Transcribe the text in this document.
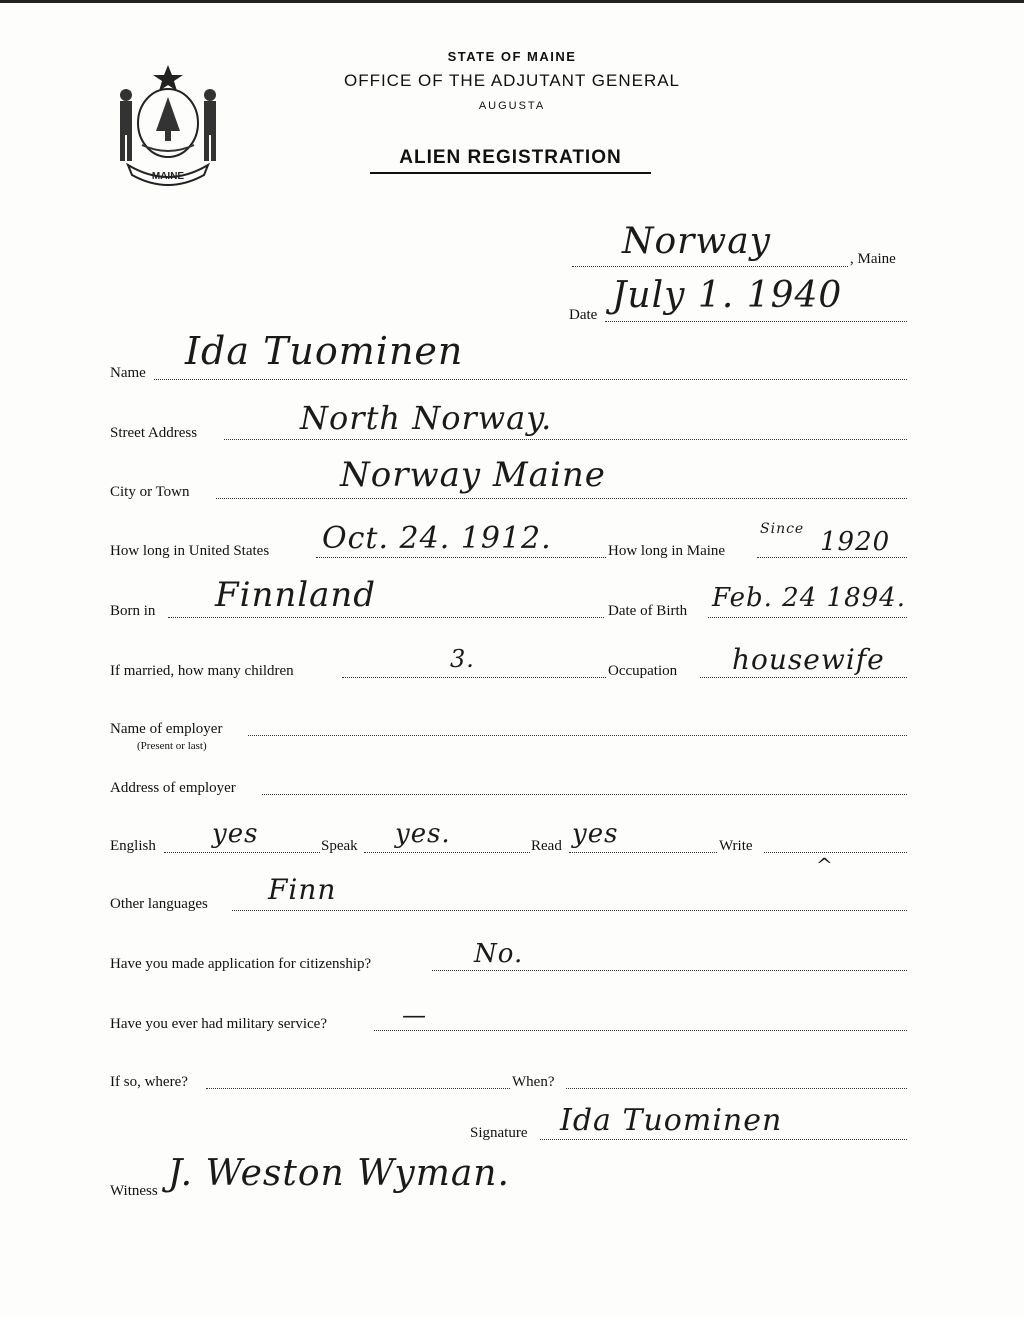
MAINE
STATE OF MAINE
OFFICE OF THE ADJUTANT GENERAL
AUGUSTA
ALIEN REGISTRATION
Norway	, Maine
Date July 1. 1940
Name Ida Tuominen
Street Address	North Norway.
City or Town	Norway Maine
How long in United States Oct. 24. 1912.	How long in Maine
Since 1920
Born in Finnland	Date of Birth Feb. 24 1894.
If married, how many children	3.	Occupation housewife
Name of employer
(Present or last)
Address of employer
English yes	Speak yes.	Read yes	Write
^
Other languages Finn
Have you made application for citizenship?	No.
Have you ever had military service?	—
If so, where?	When?
Signature Ida Tuominen
Witness J. Weston Wyman.
